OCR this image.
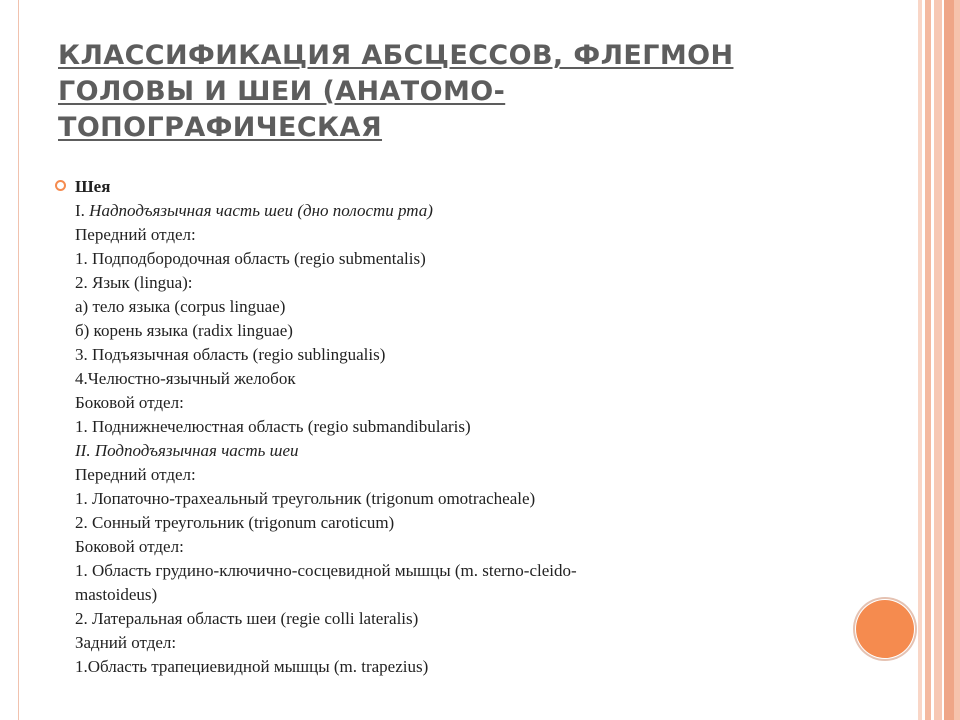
КЛАССИФИКАЦИЯ АБСЦЕССОВ, ФЛЕГМОН
ГОЛОВЫ И ШЕИ (АНАТОМО-
ТОПОГРАФИЧЕСКАЯ
Шея
I. Надподъязычная часть шеи (дно полости рта)
Передний отдел:
1. Подподбородочная область (regio submentalis)
2. Язык (lingua):
а) тело языка (corpus linguae)
б) корень языка (radix linguae)
3. Подъязычная область (regio sublingualis)
4.Челюстно-язычный желобок
Боковой отдел:
1. Поднижнечелюстная область (regio submandibularis)
II. Подподъязычная часть шеи
Передний отдел:
1. Лопаточно-трахеальный треугольник (trigonum omotracheale)
2. Сонный треугольник (trigonum caroticum)
Боковой отдел:
1. Область грудино-ключично-сосцевидной мышцы (m. sterno-cleido-
mastoideus)
2. Латеральная область шеи (regie colli lateralis)
Задний отдел:
1.Область трапециевидной мышцы (m. trapezius)
